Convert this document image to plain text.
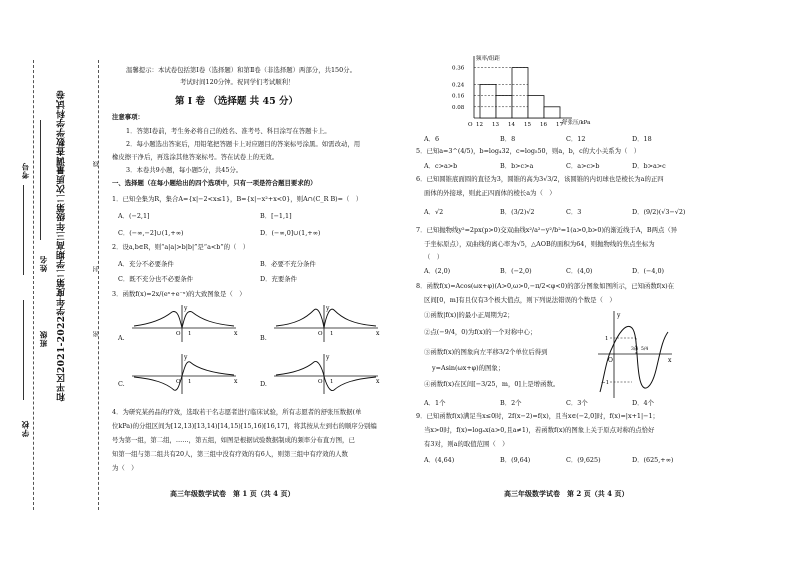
学校
考号
班级
姓名
密
封
线
和平区2021-2022学年度第二学期高三年级第二次质量调查数学学科试卷
温馨提示：本试卷包括第Ⅰ卷（选择题）和第Ⅱ卷（非选择题）两部分，共150分。
考试时间120分钟。祝同学们考试顺利！
第 Ⅰ 卷 （选择题 共 45 分）
注意事项：
1．答第Ⅰ卷前，考生务必将自己的姓名、准考号、科目涂写在答题卡上。
2．每小题选出答案后，用铅笔把答题卡上对应题目的答案标号涂黑。如需改动，用
橡皮擦干净后，再选涂其他答案标号。答在试卷上的无效。
3．本卷共9小题，每小题5分，共45分。
一、选择题（在每小题给出的四个选项中，只有一项是符合题目要求的）
1．已知全集为R，集合A={x|−2<x≤1}，B={x|−x²+x<0}，则A∩(C_R B)=（　）
A．(−2,1]	B．[−1,1]
C．(−∞,−2]∪(1,+∞)	D．(−∞,0]∪(1,+∞)
2．设a,b∈R，则“a|a|>b|b|”是“a<b”的（　）
A．充分不必要条件	B．必要不充分条件
C．既不充分也不必要条件	D．充要条件
3．函数f(x)=2x/(eˣ+e⁻ˣ)的大致图象是（　）
A.	B.
C.	D.
y
x
O 1
y
x
O 1
y
x
O 1
y
x
O 1
4．为研究某药品的疗效，选取若干名志愿者进行临床试验，所有志愿者的舒张压数据(单
位kPa)的分组区间为[12,13)[13,14)[14,15)[15,16)[16,17]，将其按从左到右的顺序分别编
号为第一组，第二组，……，第五组，如图是根据试验数据制成的频率分布直方图，已
知第一组与第二组共有20人，第三组中没有疗效的有6人，则第三组中有疗效的人数
为（　）
高三年级数学试卷　第 1 页（共 4 页）
0.36
0.24
0.16
0.08
12 13 14 15 16 17
O
频率/组距
舒张压/kPa
A．6	B．8	C．12	D．18
5．已知a=3^(4/5)，b=log₄32，c=log₅50，则a，b，c的大小关系为（　）
A．c>a>b	B．b>c>a	C．a>c>b	D．b>a>c
6．已知圆锥底面圆的直径为3，圆锥的高为3√3/2，该圆锥的内切球也是棱长为a的正四
面体的外接球，则此正四面体的棱长a为（　）
A．√2	B．(3/2)√2	C．3	D．(9/2)(√3−√2)
7．已知抛物线y²=2px(p>0)交双曲线x²/a²−y²/b²=1(a>0,b>0)的渐近线于A，B两点（异
于坐标原点），双曲线的离心率为√5，△AOB的面积为64，则抛物线的焦点坐标为
（　）
A．(2,0)	B．(−2,0)	C．(4,0)	D．(−4,0)
8．函数f(x)=Acos(ωx+φ)(A>0,ω>0,−π/2<φ<0)的部分图象如图所示，已知函数f(x)在
区间[0，m]有且仅有3个极大值点，则下列说法错误的个数是（　）
①函数|f(x)|的最小正周期为2；
②点(−9/4，0)为f(x)的一个对称中心；
③函数f(x)的图象向左平移3/2个单位后得到
y=Asin(ωx+φ)的图象；
④函数f(x)在区间[−3/25，m，0]上是增函数。
A．1个	B．2个	C．3个	D．4个
y
x
O
1
−1
3/4 5/4
9．已知函数f(x)满足当x≤0时，2f(x−2)=f(x)，且当x∈(−2,0]时，f(x)=|x+1|−1；
当x>0时，f(x)=logₐx(a>0,且a≠1)，若函数f(x)的图象上关于原点对称的点恰好
有3对，则a的取值范围（　）
A．(4,64)	B．(9,64)	C．(9,625)	D．(625,+∞)
高三年级数学试卷　第 2 页（共 4 页）
